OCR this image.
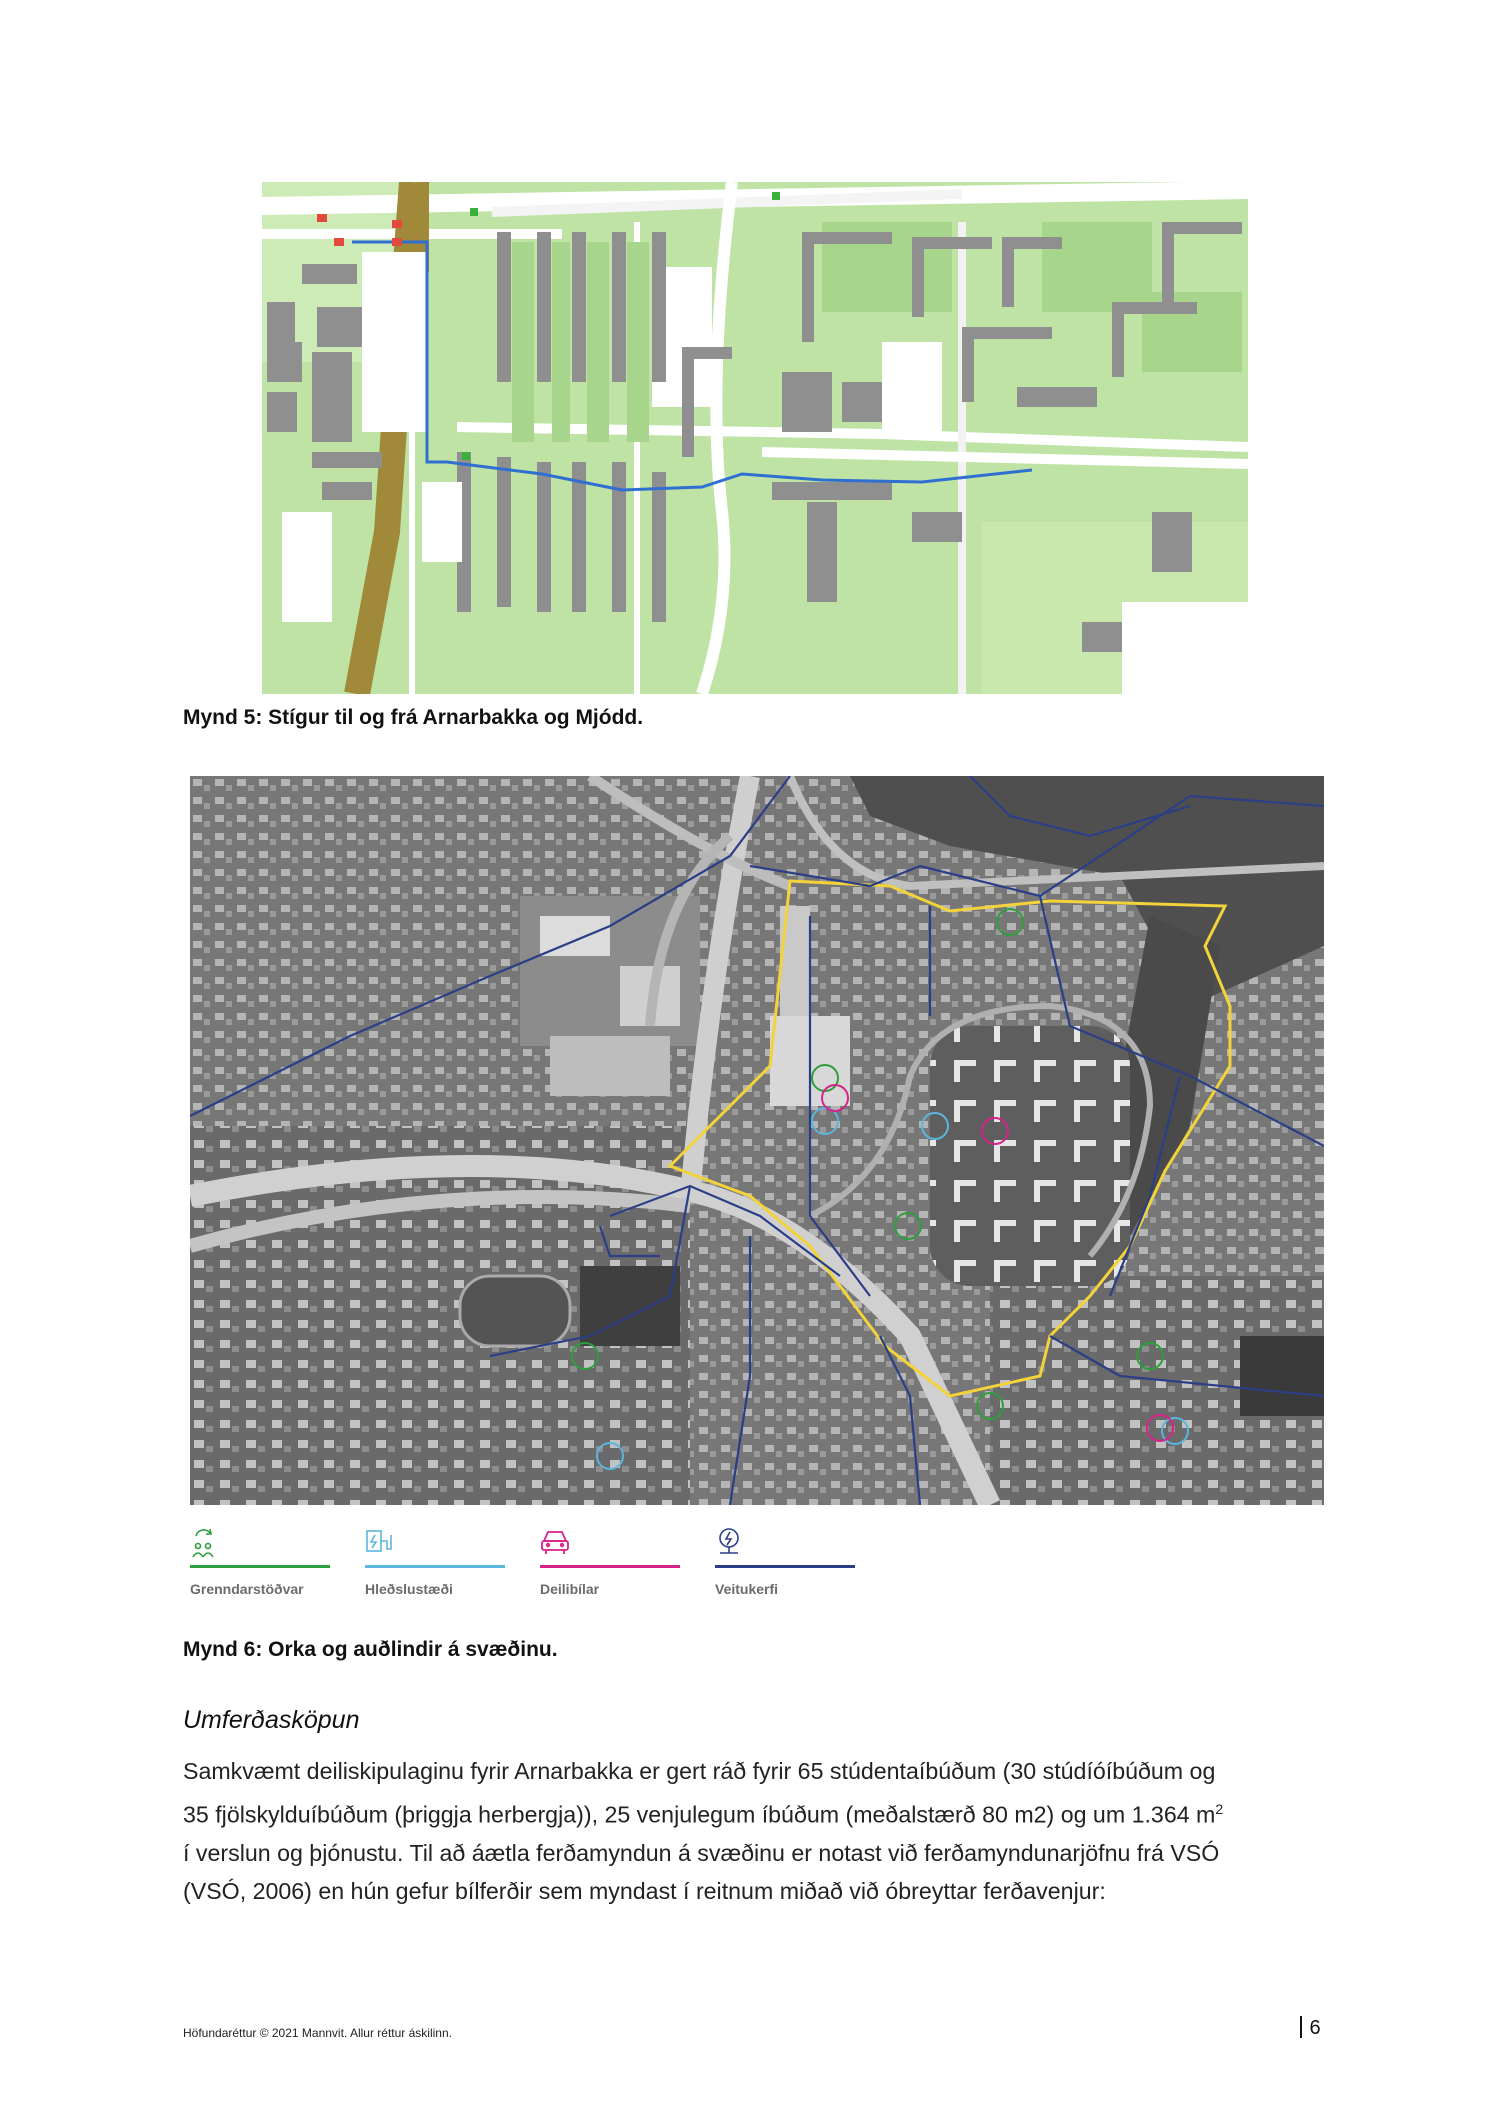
Mynd 5: Stígur til og frá Arnarbakka og Mjódd.
Grenndarstöðvar	Hleðslustæði	Deilibílar	Veitukerfi
Mynd 6: Orka og auðlindir á svæðinu.
Umferðasköpun

Samkvæmt deiliskipulaginu fyrir Arnarbakka er gert ráð fyrir 65 stúdentaíbúðum (30 stúdíóíbúðum og

35 fjölskylduíbúðum (þriggja herbergja)), 25 venjulegum íbúðum (meðalstærð 80 m2) og um 1.364 $m^2$

í verslun og þjónustu. Til að áætla ferðamyndun á svæðinu er notast við ferðamyndunarjöfnu frá VSÓ

(VSÓ, 2006) en hún gefur bílferðir sem myndast í reitnum miðað við óbreyttar ferðavenjur:

Höfundaréttur © 2021 Mannvit. Allur réttur áskilinn.	6
